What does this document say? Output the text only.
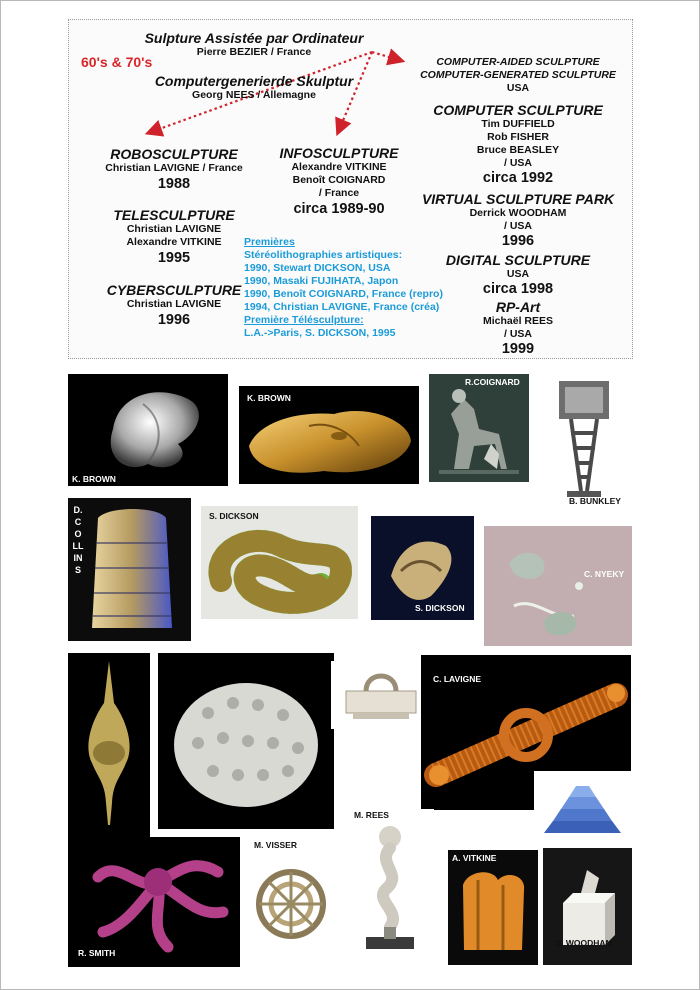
60's & 70's
Sulpture Assistée par Ordinateur
Pierre BEZIER / France
Computergenerierde Skulptur
Georg NEES / Allemagne
ROBOSCULPTURE
Christian LAVIGNE / France
1988
TELESCULPTURE
Christian LAVIGNE
Alexandre VITKINE
1995
CYBERSCULPTURE
Christian LAVIGNE
1996
INFOSCULPTURE
Alexandre VITKINE
Benoît COIGNARD
/ France
circa 1989-90
Premières
Stéréolithographies artistiques:
1990, Stewart DICKSON, USA
1990, Masaki FUJIHATA, Japon
1990, Benoît COIGNARD, France (repro)
1994, Christian LAVIGNE, France (créa)
Première Télésculpture:
L.A.->Paris, S. DICKSON, 1995
COMPUTER-AIDED SCULPTURE
COMPUTER-GENERATED SCULPTURE
USA
COMPUTER SCULPTURE
Tim DUFFIELD
Rob FISHER
Bruce BEASLEY
/ USA
circa 1992
VIRTUAL SCULPTURE PARK
Derrick WOODHAM
/ USA
1996
DIGITAL SCULPTURE
USA
circa 1998
RP-Art
Michaël REES
/ USA
1999
K. BROWN
K. BROWN
R.COIGNARD
B. BUNKLEY
D. COLLINS
S. DICKSON
S. DICKSON
C. NYEKY
R. SMITH
C. LAVIGNE
M. VISSER
M. REES
A. VITKINE
D. WOODHAM
